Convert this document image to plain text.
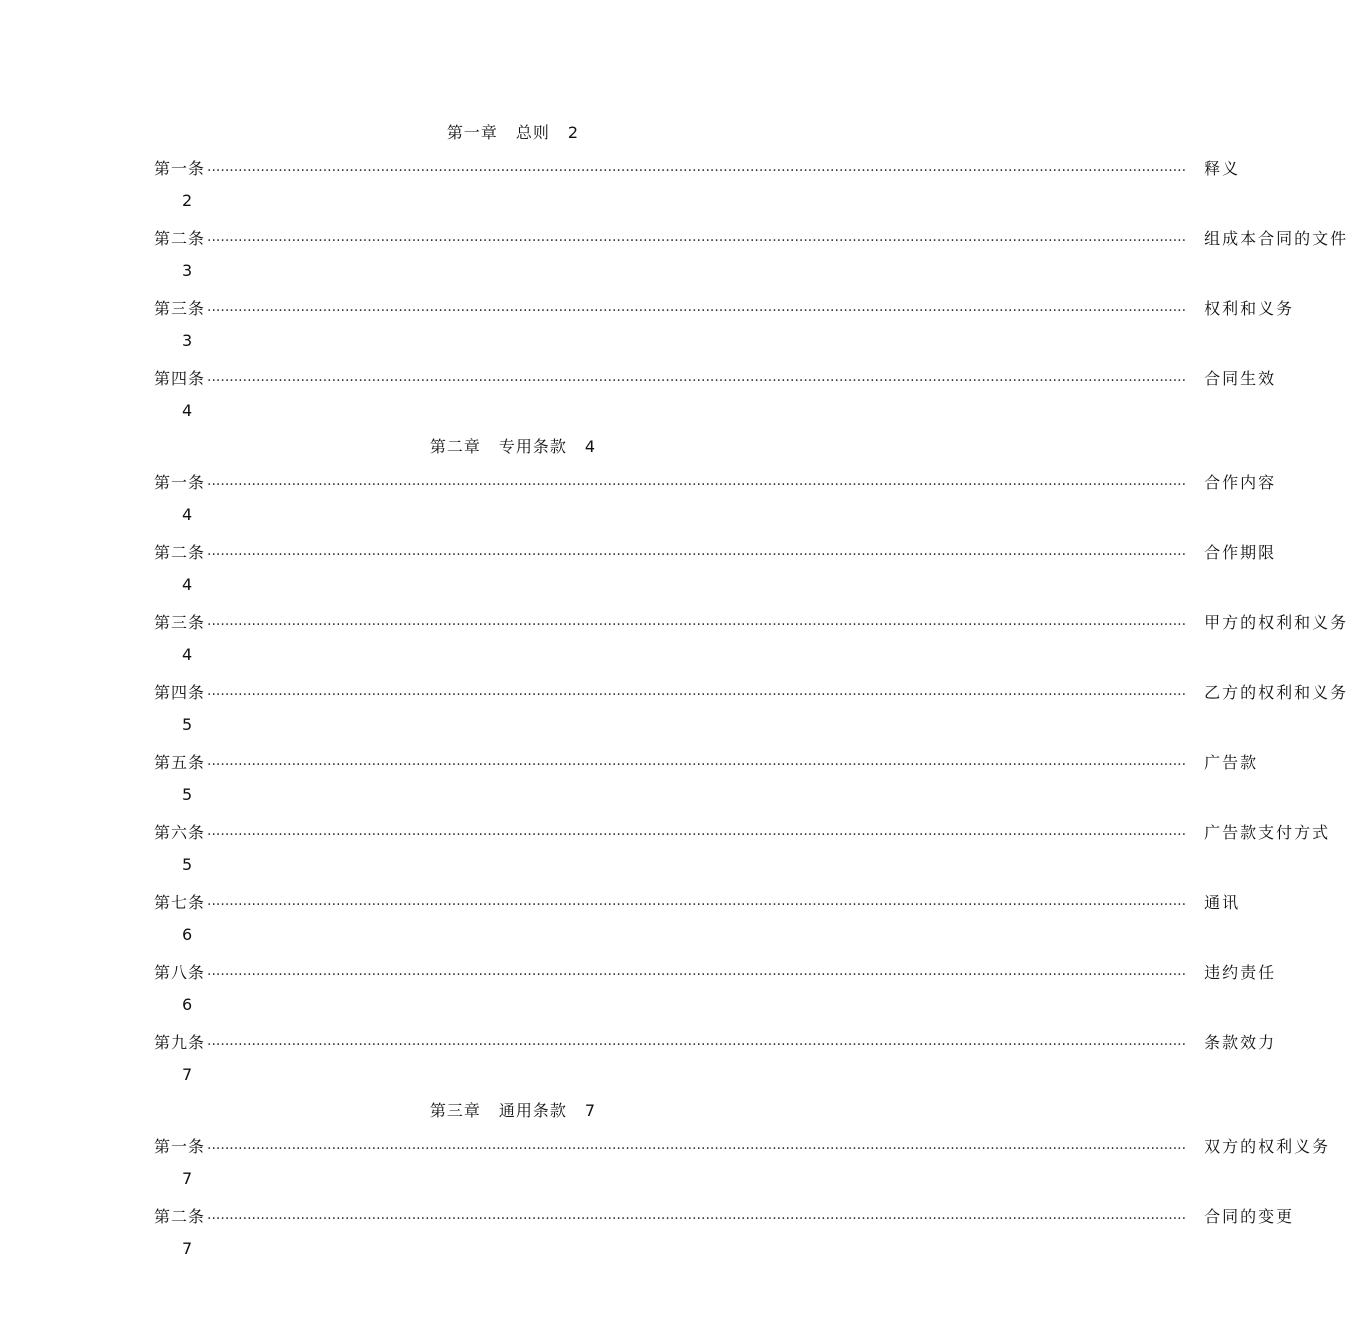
第一章 总则 2
第一条 ............................................................................................................................................................................................................................ 释义
2
第二条 ............................................................................................................................................................................................................................ 组成本合同的文件
3
第三条 ............................................................................................................................................................................................................................ 权利和义务
3
第四条 ............................................................................................................................................................................................................................ 合同生效
4
第二章 专用条款 4
第一条 ............................................................................................................................................................................................................................ 合作内容
4
第二条 ............................................................................................................................................................................................................................ 合作期限
4
第三条 ............................................................................................................................................................................................................................ 甲方的权利和义务
4
第四条 ............................................................................................................................................................................................................................ 乙方的权利和义务
5
第五条 ............................................................................................................................................................................................................................ 广告款
5
第六条 ............................................................................................................................................................................................................................ 广告款支付方式
5
第七条 ............................................................................................................................................................................................................................ 通讯
6
第八条 ............................................................................................................................................................................................................................ 违约责任
6
第九条 ............................................................................................................................................................................................................................ 条款效力
7
第三章 通用条款 7
第一条 ............................................................................................................................................................................................................................ 双方的权利义务
7
第二条 ............................................................................................................................................................................................................................ 合同的变更
7
